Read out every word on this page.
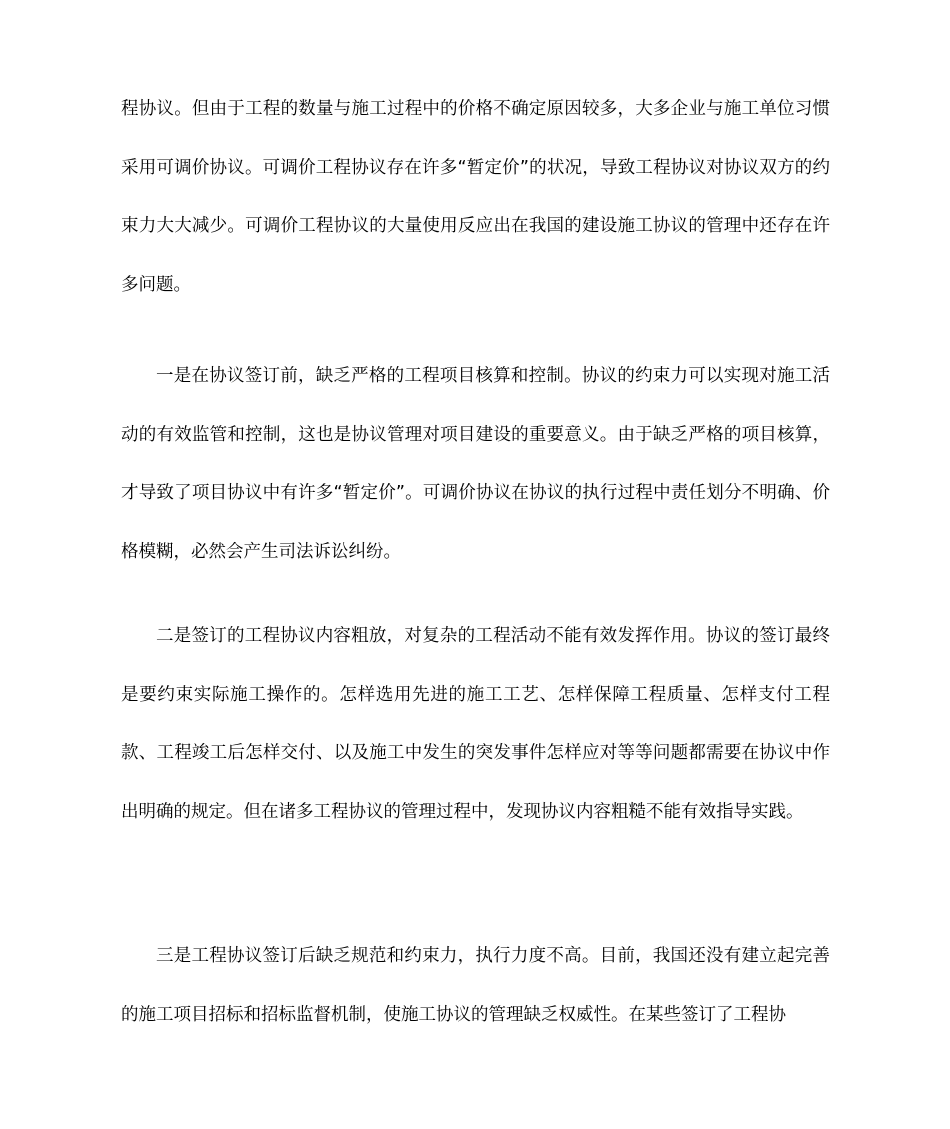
程协议。但由于工程的数量与施工过程中的价格不确定原因较多，大多企业与施工单位习惯采用可调价协议。可调价工程协议存在许多“暂定价”的状况，导致工程协议对协议双方的约束力大大减少。可调价工程协议的大量使用反应出在我国的建设施工协议的管理中还存在许多问题。

一是在协议签订前，缺乏严格的工程项目核算和控制。协议的约束力可以实现对施工活动的有效监管和控制，这也是协议管理对项目建设的重要意义。由于缺乏严格的项目核算，才导致了项目协议中有许多“暂定价”。可调价协议在协议的执行过程中责任划分不明确、价格模糊，必然会产生司法诉讼纠纷。

二是签订的工程协议内容粗放，对复杂的工程活动不能有效发挥作用。协议的签订最终是要约束实际施工操作的。怎样选用先进的施工工艺、怎样保障工程质量、怎样支付工程款、工程竣工后怎样交付、以及施工中发生的突发事件怎样应对等等问题都需要在协议中作出明确的规定。但在诸多工程协议的管理过程中，发现协议内容粗糙不能有效指导实践。

三是工程协议签订后缺乏规范和约束力，执行力度不高。目前，我国还没有建立起完善的施工项目招标和招标监督机制，使施工协议的管理缺乏权威性。在某些签订了工程协
